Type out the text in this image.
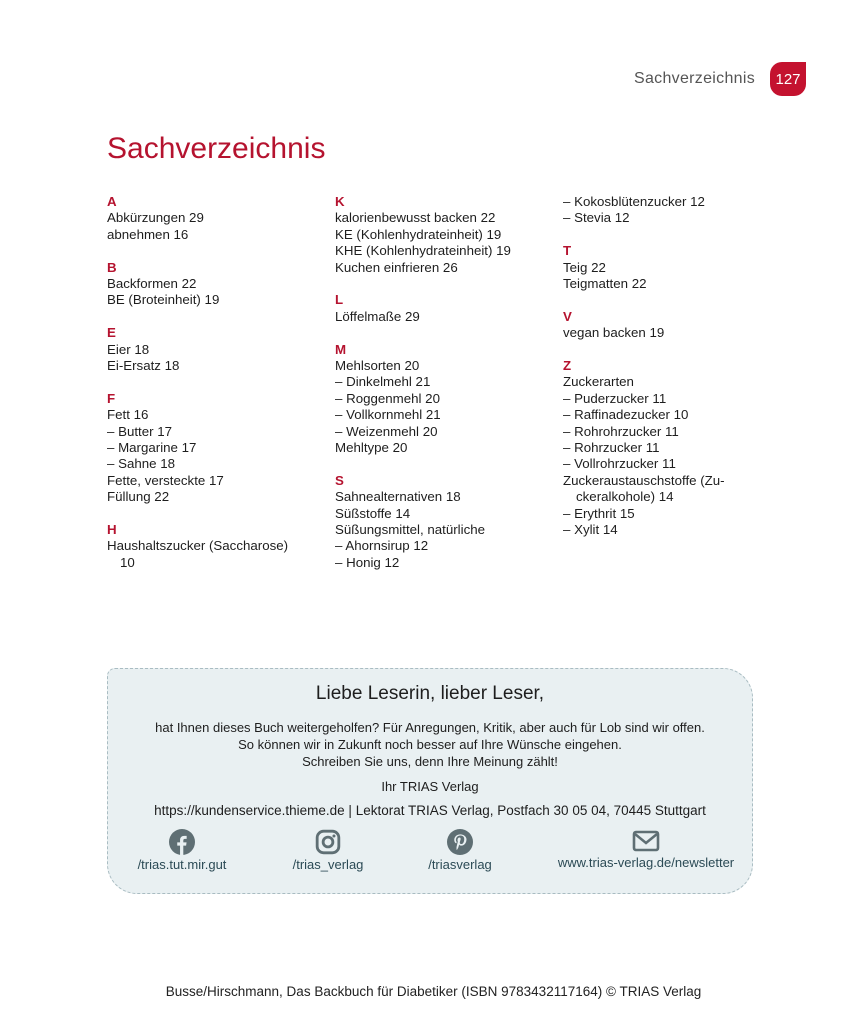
Sachverzeichnis	127
Sachverzeichnis
A
Abkürzungen 29
abnehmen 16
B
Backformen 22
BE (Broteinheit) 19
E
Eier 18
Ei-Ersatz 18
F
Fett 16
– Butter 17
– Margarine 17
– Sahne 18
Fette, versteckte 17
Füllung 22
H
Haushaltszucker (Saccharose)
10
K
kalorienbewusst backen 22
KE (Kohlenhydrateinheit) 19
KHE (Kohlenhydrateinheit) 19
Kuchen einfrieren 26
L
Löffelmaße 29
M
Mehlsorten 20
– Dinkelmehl 21
– Roggenmehl 20
– Vollkornmehl 21
– Weizenmehl 20
Mehltype 20
S
Sahnealternativen 18
Süßstoffe 14
Süßungsmittel, natürliche
– Ahornsirup 12
– Honig 12
– Kokosblütenzucker 12
– Stevia 12
T
Teig 22
Teigmatten 22
V
vegan backen 19
Z
Zuckerarten
– Puderzucker 11
– Raffinadezucker 10
– Rohrohrzucker 11
– Rohrzucker 11
– Vollrohrzucker 11
Zuckeraustauschstoffe (Zu-
ckeralkohole) 14
– Erythrit 15
– Xylit 14
Liebe Leserin, lieber Leser,
hat Ihnen dieses Buch weitergeholfen? Für Anregungen, Kritik, aber auch für Lob sind wir offen.
So können wir in Zukunft noch besser auf Ihre Wünsche eingehen.
Schreiben Sie uns, denn Ihre Meinung zählt!
Ihr TRIAS Verlag
https://kundenservice.thieme.de | Lektorat TRIAS Verlag, Postfach 30 05 04, 70445 Stuttgart
/trias.tut.mir.gut	/trias_verlag	/triasverlag	www.trias-verlag.de/newsletter
Busse/Hirschmann, Das Backbuch für Diabetiker (ISBN 9783432117164) © TRIAS Verlag
